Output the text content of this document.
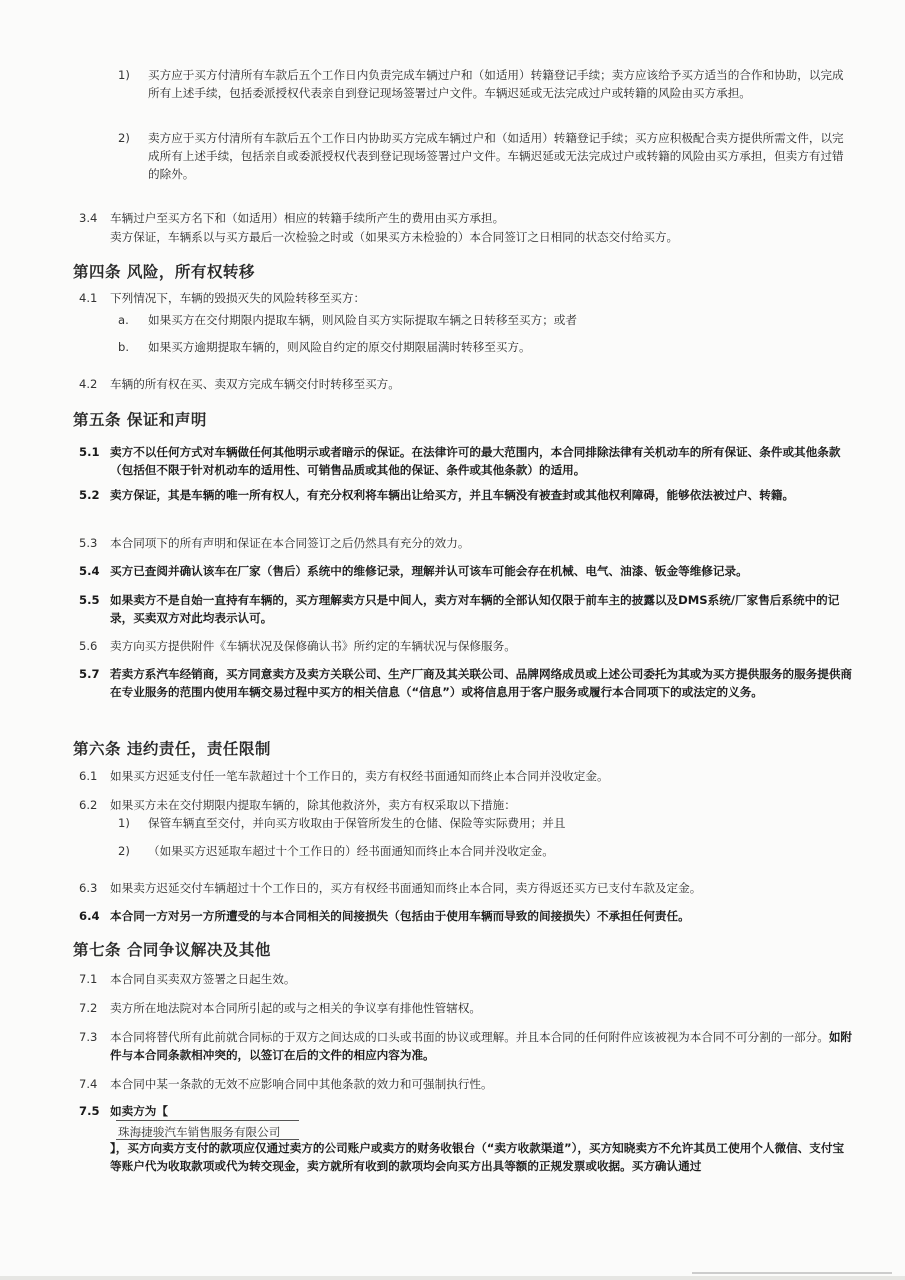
1) 买方应于买方付清所有车款后五个工作日内负责完成车辆过户和（如适用）转籍登记手续；卖方应该给予买方适当的合作和协助，以完成所有上述手续，包括委派授权代表亲自到登记现场签署过户文件。车辆迟延或无法完成过户或转籍的风险由买方承担。
2) 卖方应于买方付清所有车款后五个工作日内协助买方完成车辆过户和（如适用）转籍登记手续；买方应积极配合卖方提供所需文件，以完成所有上述手续，包括亲自或委派授权代表到登记现场签署过户文件。车辆迟延或无法完成过户或转籍的风险由买方承担，但卖方有过错的除外。
3.4 车辆过户至买方名下和（如适用）相应的转籍手续所产生的费用由买方承担。
卖方保证，车辆系以与买方最后一次检验之时或（如果买方未检验的）本合同签订之日相同的状态交付给买方。
第四条 风险，所有权转移
4.1 下列情况下，车辆的毁损灭失的风险转移至买方：
a. 如果买方在交付期限内提取车辆，则风险自买方实际提取车辆之日转移至买方；或者
b. 如果买方逾期提取车辆的，则风险自约定的原交付期限届满时转移至买方。
4.2 车辆的所有权在买、卖双方完成车辆交付时转移至买方。
第五条 保证和声明
5.1 卖方不以任何方式对车辆做任何其他明示或者暗示的保证。在法律许可的最大范围内，本合同排除法律有关机动车的所有保证、条件或其他条款（包括但不限于针对机动车的适用性、可销售品质或其他的保证、条件或其他条款）的适用。
5.2 卖方保证，其是车辆的唯一所有权人，有充分权利将车辆出让给买方，并且车辆没有被查封或其他权利障碍，能够依法被过户、转籍。
5.3 本合同项下的所有声明和保证在本合同签订之后仍然具有充分的效力。
5.4 买方已查阅并确认该车在厂家（售后）系统中的维修记录，理解并认可该车可能会存在机械、电气、油漆、钣金等维修记录。
5.5 如果卖方不是自始一直持有车辆的，买方理解卖方只是中间人，卖方对车辆的全部认知仅限于前车主的披露以及DMS系统/厂家售后系统中的记录，买卖双方对此均表示认可。
5.6 卖方向买方提供附件《车辆状况及保修确认书》所约定的车辆状况与保修服务。
5.7 若卖方系汽车经销商，买方同意卖方及卖方关联公司、生产厂商及其关联公司、品牌网络成员或上述公司委托为其或为买方提供服务的服务提供商在专业服务的范围内使用车辆交易过程中买方的相关信息（“信息”）或将信息用于客户服务或履行本合同项下的或法定的义务。
第六条 违约责任，责任限制
6.1 如果买方迟延支付任一笔车款超过十个工作日的，卖方有权经书面通知而终止本合同并没收定金。
6.2 如果买方未在交付期限内提取车辆的，除其他救济外，卖方有权采取以下措施：
1) 保管车辆直至交付，并向买方收取由于保管所发生的仓储、保险等实际费用；并且
2) （如果买方迟延取车超过十个工作日的）经书面通知而终止本合同并没收定金。
6.3 如果卖方迟延交付车辆超过十个工作日的，买方有权经书面通知而终止本合同，卖方得返还买方已支付车款及定金。
6.4 本合同一方对另一方所遭受的与本合同相关的间接损失（包括由于使用车辆而导致的间接损失）不承担任何责任。
第七条 合同争议解决及其他
7.1 本合同自买卖双方签署之日起生效。
7.2 卖方所在地法院对本合同所引起的或与之相关的争议享有排他性管辖权。
7.3 本合同将替代所有此前就合同标的于双方之间达成的口头或书面的协议或理解。并且本合同的任何附件应该被视为本合同不可分割的一部分。如附件与本合同条款相冲突的，以签订在后的文件的相应内容为准。
7.4 本合同中某一条款的无效不应影响合同中其他条款的效力和可强制执行性。
7.5 如卖方为【
珠海捷骏汽车销售服务有限公司
】，买方向卖方支付的款项应仅通过卖方的公司账户或卖方的财务收银台（“卖方收款渠道”），买方知晓卖方不允许其员工使用个人微信、支付宝等账户代为收取款项或代为转交现金，卖方就所有收到的款项均会向买方出具等额的正规发票或收据。买方确认通过
